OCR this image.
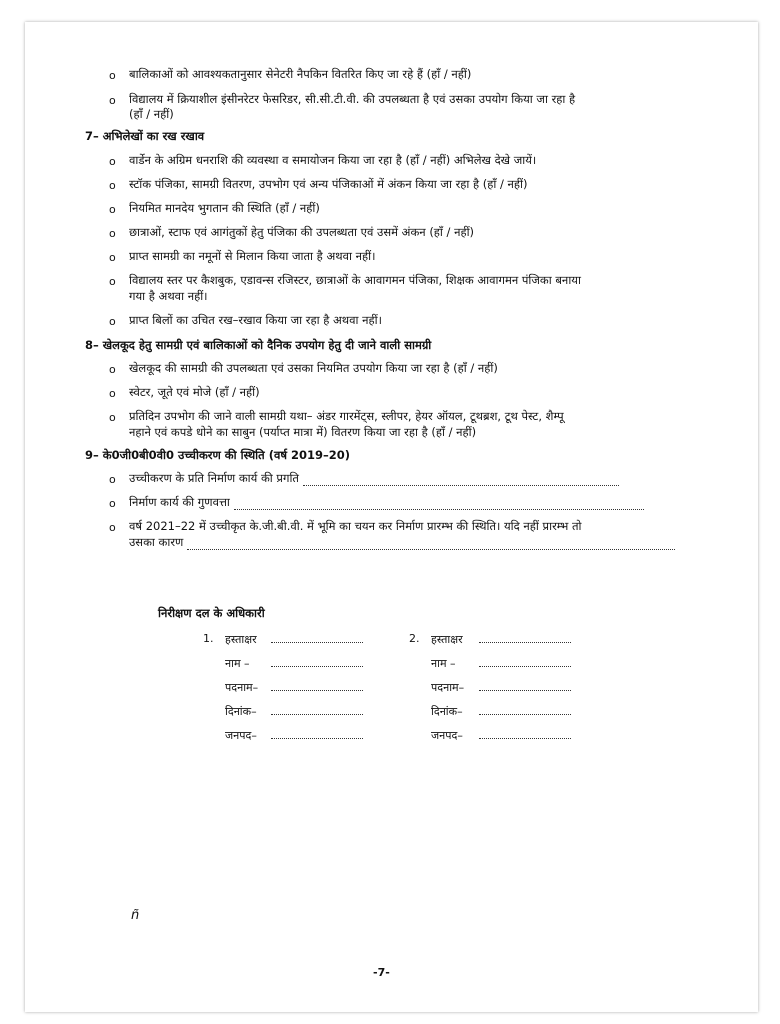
o बालिकाओं को आवश्यकतानुसार सेनेटरी नैपकिन वितरित किए जा रहे हैं (हाँ / नहीं)
o विद्यालय में क्रियाशील इंसीनरेटर फेसरिडर, सी.सी.टी.वी. की उपलब्धता है एवं उसका उपयोग किया जा रहा है
(हाँ / नहीं)
7– अभिलेखों का रख रखाव
o वार्डेन के अग्रिम धनराशि की व्यवस्था व समायोजन किया जा रहा है (हाँ / नहीं) अभिलेख देखे जायें।
o स्टॉक पंजिका, सामग्री वितरण, उपभोग एवं अन्य पंजिकाओं में अंकन किया जा रहा है (हाँ / नहीं)
o नियमित मानदेय भुगतान की स्थिति (हाँ / नहीं)
o छात्राओं, स्टाफ एवं आगंतुकों हेतु पंजिका की उपलब्धता एवं उसमें अंकन (हाँ / नहीं)
o प्राप्त सामग्री का नमूनों से मिलान किया जाता है अथवा नहीं।
o विद्यालय स्तर पर कैशबुक, एडावन्स रजिस्टर, छात्राओं के आवागमन पंजिका, शिक्षक आवागमन पंजिका बनाया
गया है अथवा नहीं।
o प्राप्त बिलों का उचित रख–रखाव किया जा रहा है अथवा नहीं।
8– खेलकूद हेतु सामग्री एवं बालिकाओं को दैनिक उपयोग हेतु दी जाने वाली सामग्री
o खेलकूद की सामग्री की उपलब्धता एवं उसका नियमित उपयोग किया जा रहा है (हाँ / नहीं)
o स्वेटर, जूते एवं मोजे (हाँ / नहीं)
o प्रतिदिन उपभोग की जाने वाली सामग्री यथा– अंडर गारमेंट्स, स्लीपर, हेयर ऑयल, टूथब्रश, टूथ पेस्ट, शैम्पू
नहाने एवं कपडे धोने का साबुन (पर्याप्त मात्रा में) वितरण किया जा रहा है (हाँ / नहीं)
9– के0जी0बी0वी0 उच्चीकरण की स्थिति (वर्ष 2019–20)
o उच्चीकरण के प्रति निर्माण कार्य की प्रगति
o निर्माण कार्य की गुणवत्ता
o वर्ष 2021–22 में उच्चीकृत के.जी.बी.वी. में भूमि का चयन कर निर्माण प्रारम्भ की स्थिति। यदि नहीं प्रारम्भ तो
उसका कारण
निरीक्षण दल के अधिकारी
1. हस्ताक्षर
नाम –
पदनाम–
दिनांक–
जनपद–
2. हस्ताक्षर
नाम –
पदनाम–
दिनांक–
जनपद–
ñ
-7-
